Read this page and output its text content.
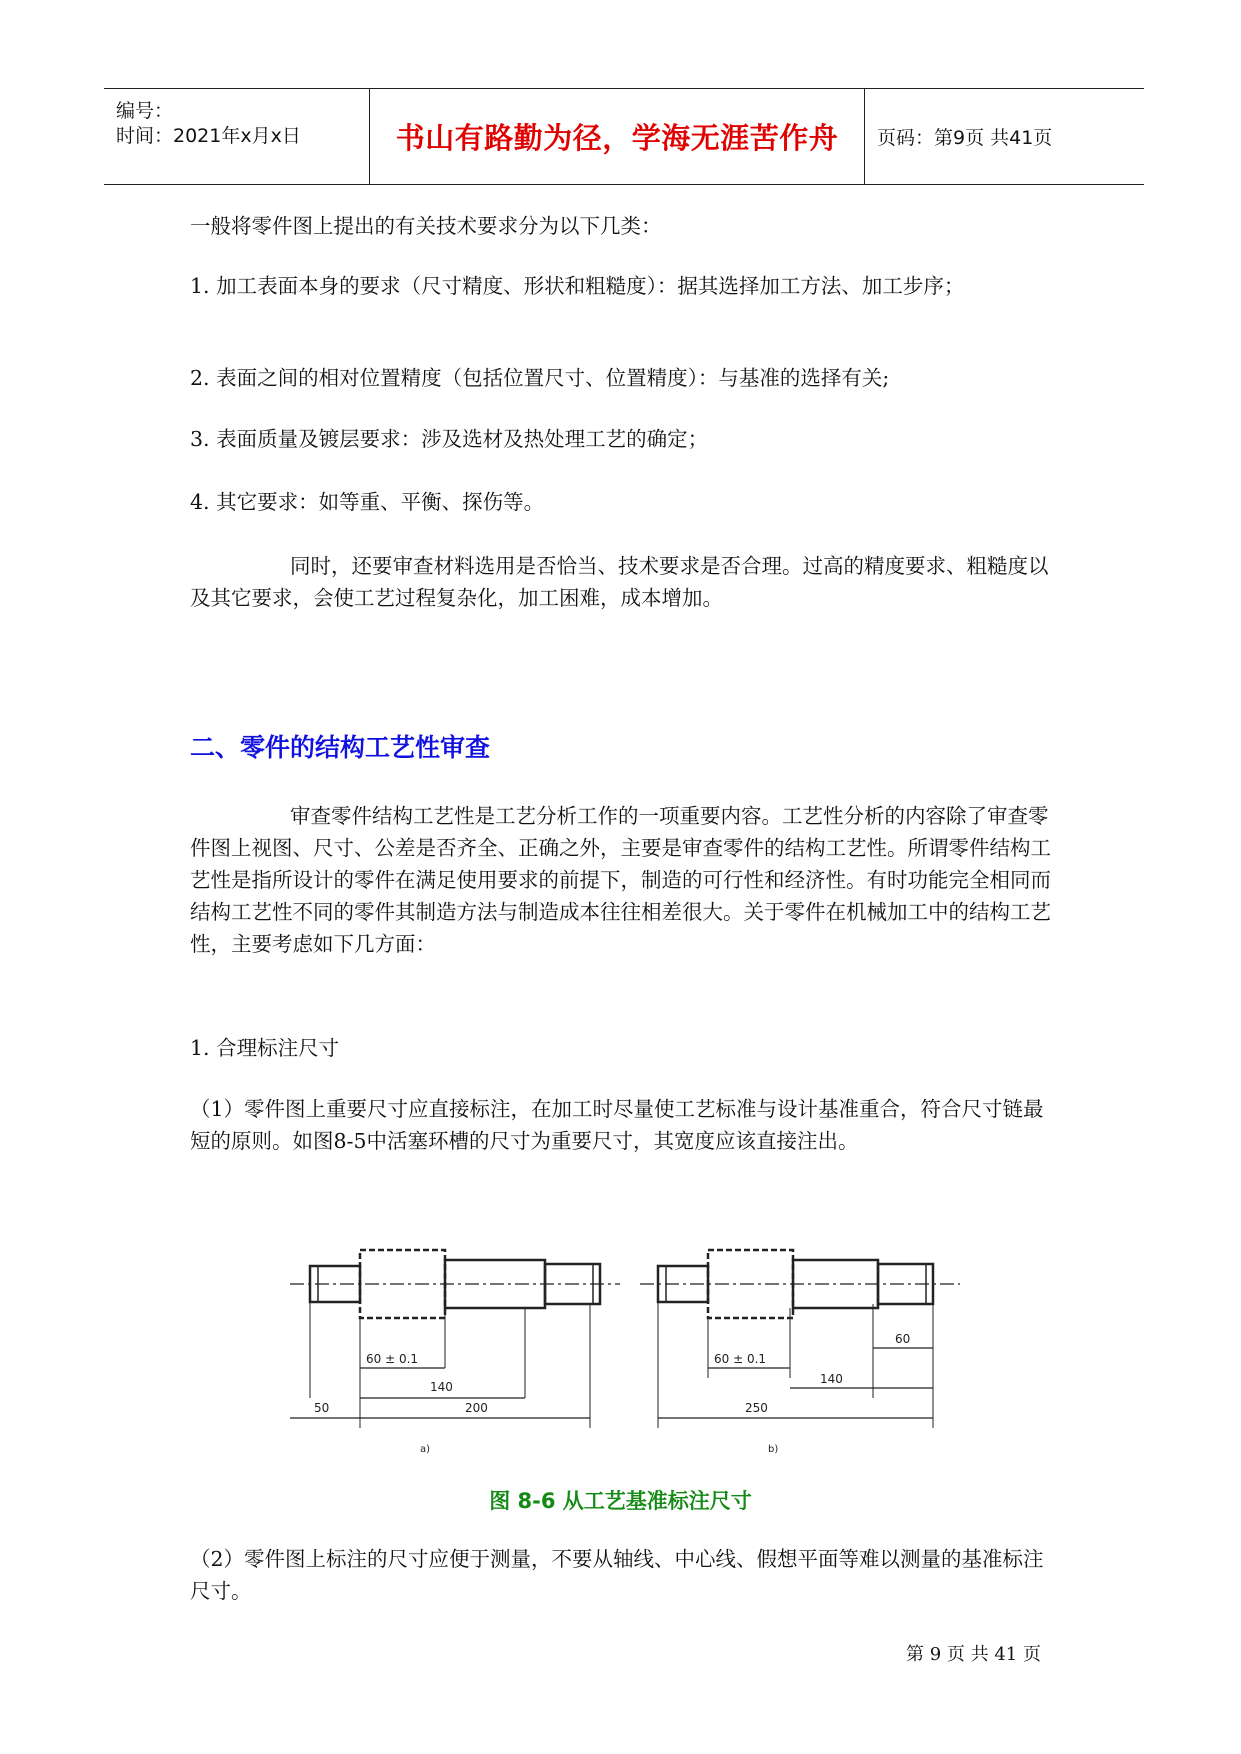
编号：
时间：2021年x月x日	书山有路勤为径，学海无涯苦作舟 页码：第9页 共41页
一般将零件图上提出的有关技术要求分为以下几类：
1. 加工表面本身的要求（尺寸精度、形状和粗糙度）：据其选择加工方法、加工步序；
2. 表面之间的相对位置精度（包括位置尺寸、位置精度）：与基准的选择有关;
3. 表面质量及镀层要求：涉及选材及热处理工艺的确定；
4. 其它要求：如等重、平衡、探伤等。
同时，还要审查材料选用是否恰当、技术要求是否合理。过高的精度要求、粗糙度以及其它要求，会使工艺过程复杂化，加工困难，成本增加。
二、零件的结构工艺性审查
审查零件结构工艺性是工艺分析工作的一项重要内容。工艺性分析的内容除了审查零件图上视图、尺寸、公差是否齐全、正确之外，主要是审查零件的结构工艺性。所谓零件结构工艺性是指所设计的零件在满足使用要求的前提下，制造的可行性和经济性。有时功能完全相同而结构工艺性不同的零件其制造方法与制造成本往往相差很大。关于零件在机械加工中的结构工艺性，主要考虑如下几方面：
1. 合理标注尺寸
（1）零件图上重要尺寸应直接标注，在加工时尽量使工艺标准与设计基准重合，符合尺寸链最短的原则。如图8-5中活塞环槽的尺寸为重要尺寸，其宽度应该直接注出。
60 ± 0.1
140
50	200
a)
60 ± 0.1
140
60
250
b)
图 8-6 从工艺基准标注尺寸
（2）零件图上标注的尺寸应便于测量，不要从轴线、中心线、假想平面等难以测量的基准标注尺寸。
第 9 页 共 41 页
